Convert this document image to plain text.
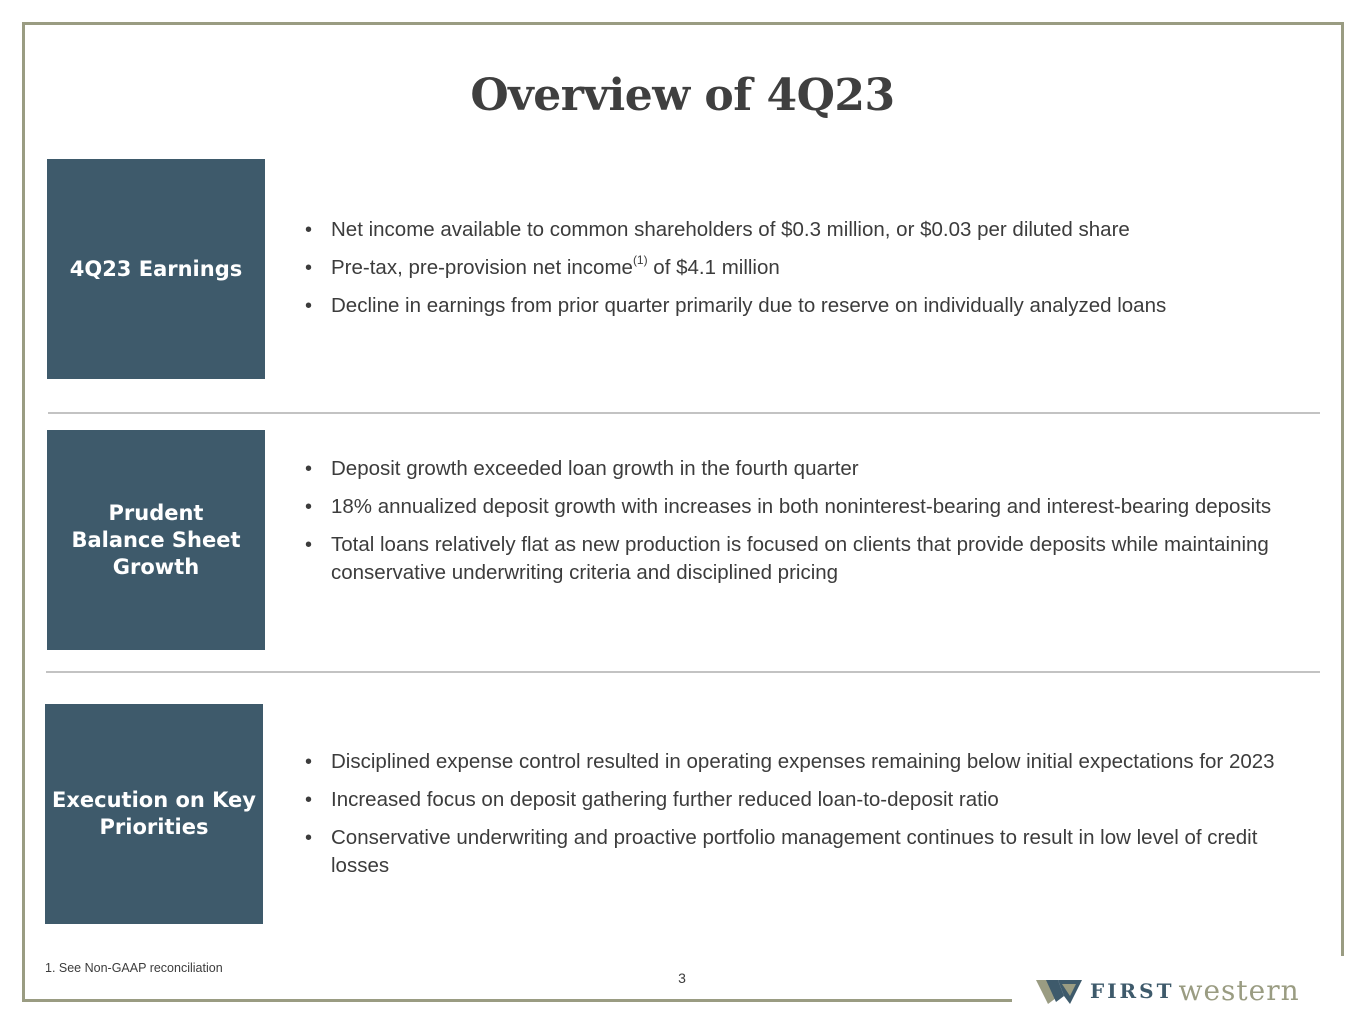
Overview of 4Q23
4Q23 Earnings
• Net income available to common shareholders of $0.3 million, or $0.03 per diluted share
• Pre-tax, pre-provision net income$^{(1)}$ of $4.1 million
• Decline in earnings from prior quarter primarily due to reserve on individually analyzed loans
Prudent
Balance Sheet
Growth
• Deposit growth exceeded loan growth in the fourth quarter
• 18% annualized deposit growth with increases in both noninterest-bearing and interest-bearing deposits
• Total loans relatively flat as new production is focused on clients that provide deposits while maintaining conservative underwriting criteria and disciplined pricing
Execution on Key
Priorities
• Disciplined expense control resulted in operating expenses remaining below initial expectations for 2023
• Increased focus on deposit gathering further reduced loan-to-deposit ratio
• Conservative underwriting and proactive portfolio management continues to result in low level of credit losses
1. See Non-GAAP reconciliation
3
FIRST western
